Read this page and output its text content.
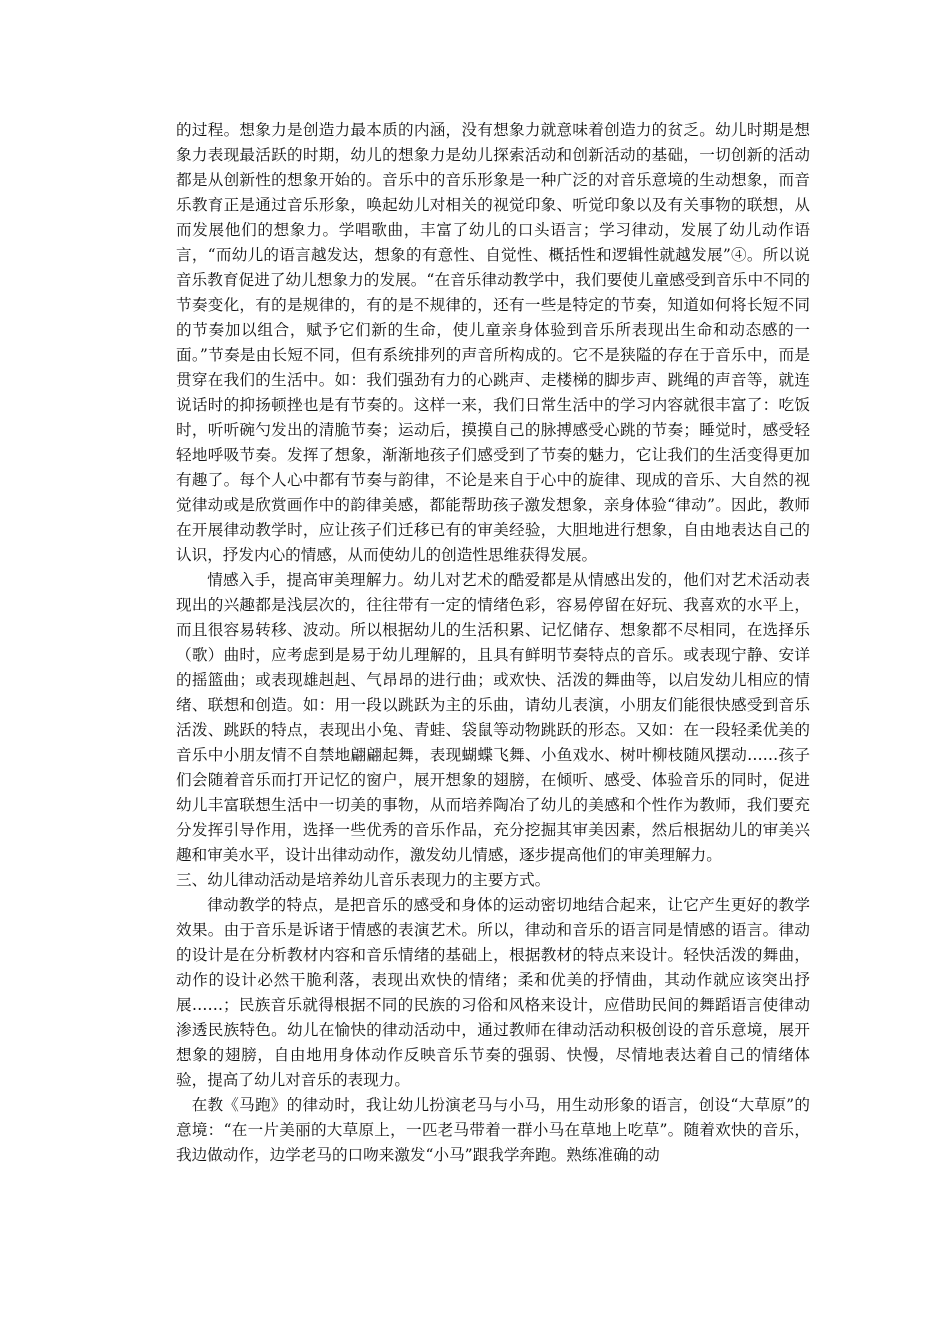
的过程。想象力是创造力最本质的内涵，没有想象力就意味着创造力的贫乏。幼儿时期是想象力表现最活跃的时期，幼儿的想象力是幼儿探索活动和创新活动的基础，一切创新的活动都是从创新性的想象开始的。音乐中的音乐形象是一种广泛的对音乐意境的生动想象，而音乐教育正是通过音乐形象，唤起幼儿对相关的视觉印象、听觉印象以及有关事物的联想，从而发展他们的想象力。学唱歌曲，丰富了幼儿的口头语言；学习律动，发展了幼儿动作语言，“而幼儿的语言越发达，想象的有意性、自觉性、概括性和逻辑性就越发展”④。所以说音乐教育促进了幼儿想象力的发展。“在音乐律动教学中，我们要使儿童感受到音乐中不同的节奏变化，有的是规律的，有的是不规律的，还有一些是特定的节奏，知道如何将长短不同的节奏加以组合，赋予它们新的生命，使儿童亲身体验到音乐所表现出生命和动态感的一面。”节奏是由长短不同，但有系统排列的声音所构成的。它不是狭隘的存在于音乐中，而是贯穿在我们的生活中。如：我们强劲有力的心跳声、走楼梯的脚步声、跳绳的声音等，就连说话时的抑扬顿挫也是有节奏的。这样一来，我们日常生活中的学习内容就很丰富了：吃饭时，听听碗勺发出的清脆节奏；运动后，摸摸自己的脉搏感受心跳的节奏；睡觉时，感受轻轻地呼吸节奏。发挥了想象，渐渐地孩子们感受到了节奏的魅力，它让我们的生活变得更加有趣了。每个人心中都有节奏与韵律，不论是来自于心中的旋律、现成的音乐、大自然的视觉律动或是欣赏画作中的韵律美感，都能帮助孩子激发想象，亲身体验“律动”。因此，教师在开展律动教学时，应让孩子们迁移已有的审美经验，大胆地进行想象，自由地表达自己的认识，抒发内心的情感，从而使幼儿的创造性思维获得发展。

情感入手，提高审美理解力。幼儿对艺术的酷爱都是从情感出发的，他们对艺术活动表现出的兴趣都是浅层次的，往往带有一定的情绪色彩，容易停留在好玩、我喜欢的水平上，而且很容易转移、波动。所以根据幼儿的生活积累、记忆储存、想象都不尽相同，在选择乐（歌）曲时，应考虑到是易于幼儿理解的，且具有鲜明节奏特点的音乐。或表现宁静、安详的摇篮曲；或表现雄赳赳、气昂昂的进行曲；或欢快、活泼的舞曲等，以启发幼儿相应的情绪、联想和创造。如：用一段以跳跃为主的乐曲，请幼儿表演，小朋友们能很快感受到音乐活泼、跳跃的特点，表现出小兔、青蛙、袋鼠等动物跳跃的形态。又如：在一段轻柔优美的音乐中小朋友情不自禁地翩翩起舞，表现蝴蝶飞舞、小鱼戏水、树叶柳枝随风摆动……孩子们会随着音乐而打开记忆的窗户，展开想象的翅膀，在倾听、感受、体验音乐的同时，促进幼儿丰富联想生活中一切美的事物，从而培养陶冶了幼儿的美感和个性作为教师，我们要充分发挥引导作用，选择一些优秀的音乐作品，充分挖掘其审美因素，然后根据幼儿的审美兴趣和审美水平，设计出律动动作，激发幼儿情感，逐步提高他们的审美理解力。

三、幼儿律动活动是培养幼儿音乐表现力的主要方式。

律动教学的特点，是把音乐的感受和身体的运动密切地结合起来，让它产生更好的教学效果。由于音乐是诉诸于情感的表演艺术。所以，律动和音乐的语言同是情感的语言。律动的设计是在分析教材内容和音乐情绪的基础上，根据教材的特点来设计。轻快活泼的舞曲，动作的设计必然干脆利落，表现出欢快的情绪；柔和优美的抒情曲，其动作就应该突出抒展……；民族音乐就得根据不同的民族的习俗和风格来设计，应借助民间的舞蹈语言使律动渗透民族特色。幼儿在愉快的律动活动中，通过教师在律动活动积极创设的音乐意境，展开想象的翅膀，自由地用身体动作反映音乐节奏的强弱、快慢，尽情地表达着自己的情绪体验，提高了幼儿对音乐的表现力。

在教《马跑》的律动时，我让幼儿扮演老马与小马，用生动形象的语言，创设“大草原”的意境：“在一片美丽的大草原上，一匹老马带着一群小马在草地上吃草”。随着欢快的音乐，我边做动作，边学老马的口吻来激发“小马”跟我学奔跑。熟练准确的动
